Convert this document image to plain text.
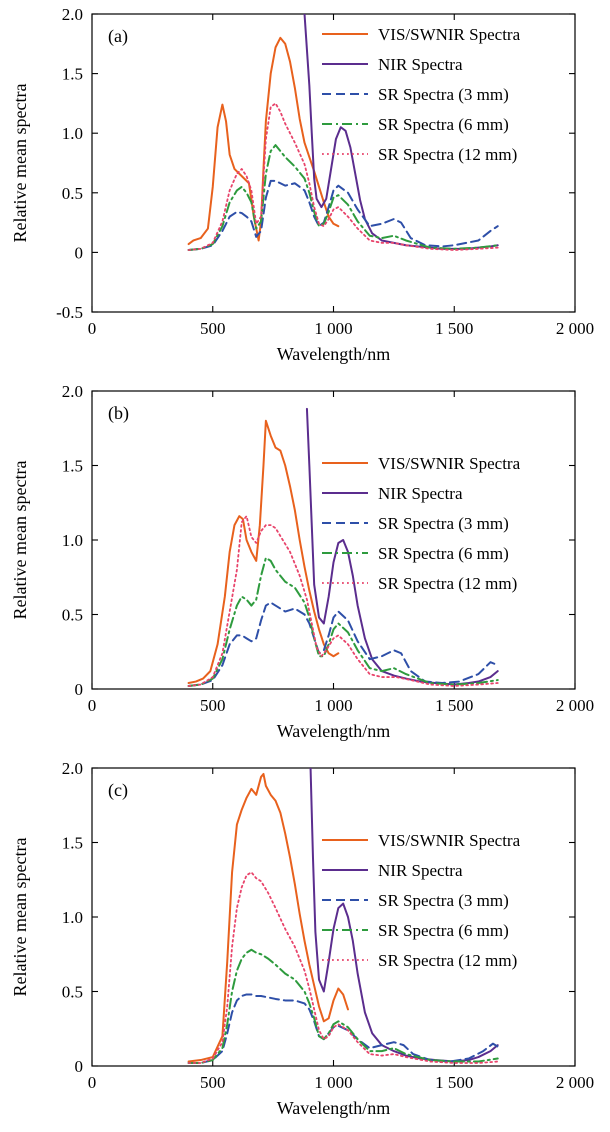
0	500	1 000	1 500	2 000
-0.5
0
0.5
1.0
1.5
2.0
Wavelength/nm
Relative mean spectra
(a)	VIS/SWNIR Spectra
NIR Spectra
SR Spectra (3 mm)
SR Spectra (6 mm)
SR Spectra (12 mm)
0	500	1 000	1 500	2 000
0
0.5
1.0
1.5
2.0
Wavelength/nm
Relative mean spectra
(b)
VIS/SWNIR Spectra
NIR Spectra
SR Spectra (3 mm)
SR Spectra (6 mm)
SR Spectra (12 mm)
0	500	1 000	1 500	2 000
0
0.5
1.0
1.5
2.0
Wavelength/nm
Relative mean spectra
(c)
VIS/SWNIR Spectra
NIR Spectra
SR Spectra (3 mm)
SR Spectra (6 mm)
SR Spectra (12 mm)
